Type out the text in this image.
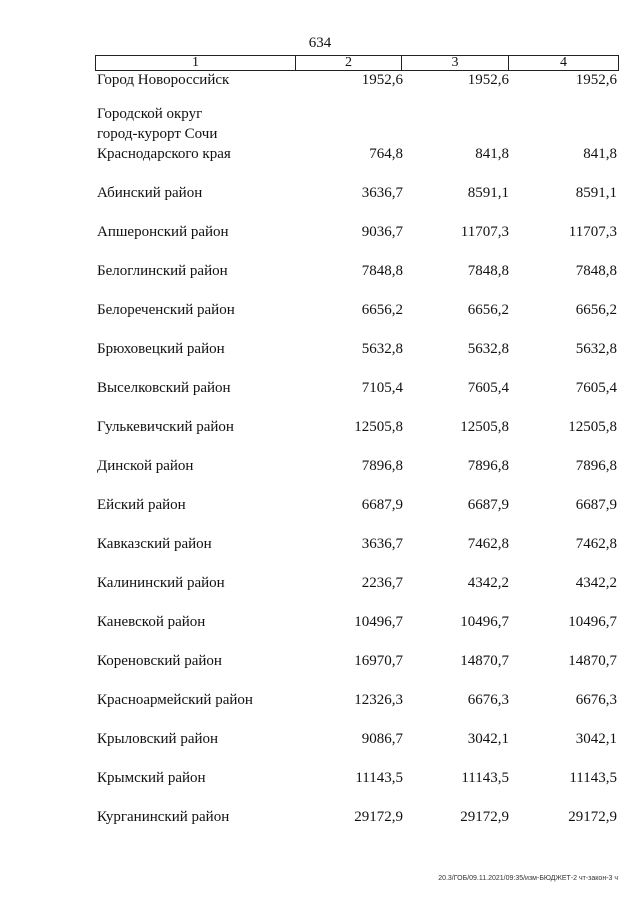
634
1	2	3	4
Город Новороссийск	1952,6	1952,6	1952,6
Городской округ
город-курорт Сочи
Краснодарского края	764,8	841,8	841,8
Абинский район	3636,7	8591,1	8591,1
Апшеронский район	9036,7	11707,3	11707,3
Белоглинский район	7848,8	7848,8	7848,8
Белореченский район	6656,2	6656,2	6656,2
Брюховецкий район	5632,8	5632,8	5632,8
Выселковский район	7105,4	7605,4	7605,4
Гулькевичский район	12505,8	12505,8	12505,8
Динской район	7896,8	7896,8	7896,8
Ейский район	6687,9	6687,9	6687,9
Кавказский район	3636,7	7462,8	7462,8
Калининский район	2236,7	4342,2	4342,2
Каневской район	10496,7	10496,7	10496,7
Кореновский район	16970,7	14870,7	14870,7
Красноармейский район	12326,3	6676,3	6676,3
Крыловский район	9086,7	3042,1	3042,1
Крымский район	11143,5	11143,5	11143,5
Курганинский район	29172,9	29172,9	29172,9
20.3/ГОБ/09.11.2021/09:35/изм-БЮДЖЕТ-2 чт-закон-3 ч
